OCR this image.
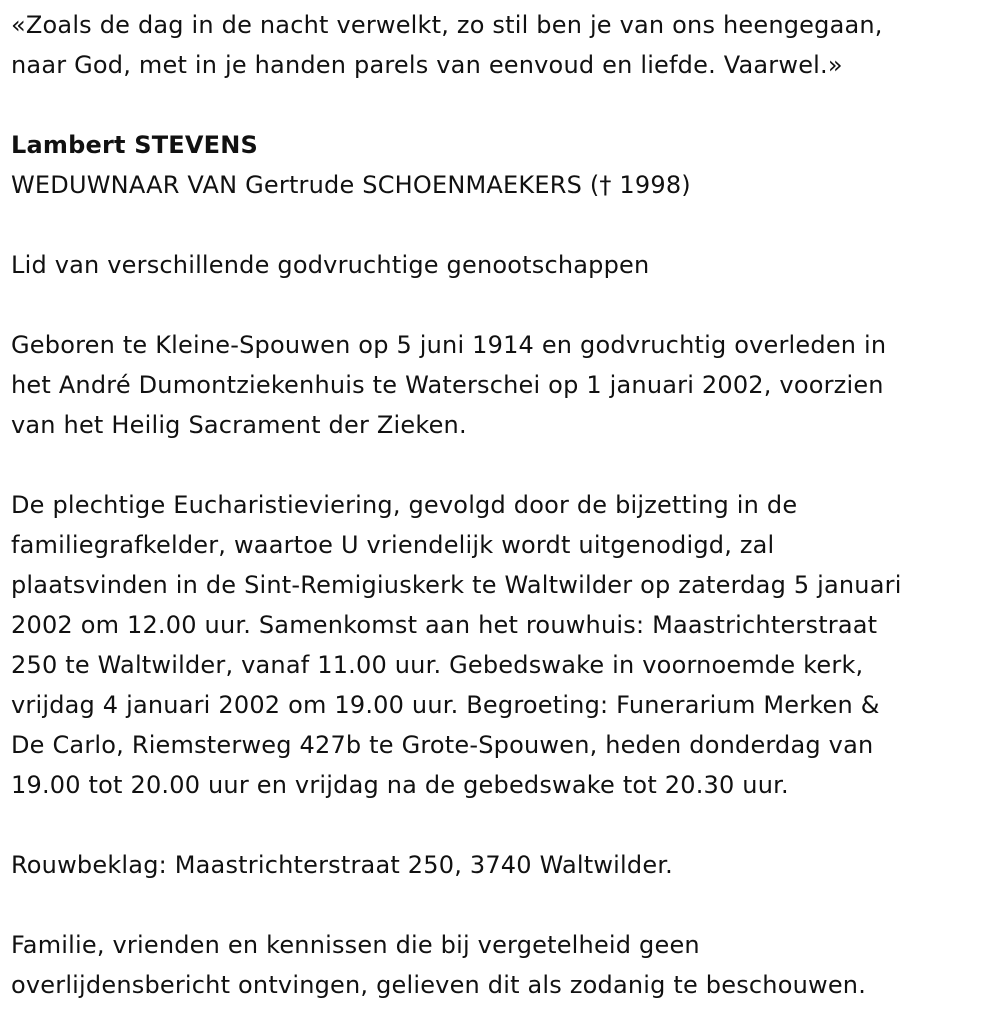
«Zoals de dag in de nacht verwelkt, zo stil ben je van ons heengegaan,

naar God, met in je handen parels van eenvoud en liefde. Vaarwel.»

Lambert STEVENS

WEDUWNAAR VAN Gertrude SCHOENMAEKERS († 1998)

Lid van verschillende godvruchtige genootschappen

Geboren te Kleine-Spouwen op 5 juni 1914 en godvruchtig overleden in

het André Dumontziekenhuis te Waterschei op 1 januari 2002, voorzien

van het Heilig Sacrament der Zieken.

De plechtige Eucharistieviering, gevolgd door de bijzetting in de

familiegrafkelder, waartoe U vriendelijk wordt uitgenodigd, zal

plaatsvinden in de Sint-Remigiuskerk te Waltwilder op zaterdag 5 januari

2002 om 12.00 uur. Samenkomst aan het rouwhuis: Maastrichterstraat

250 te Waltwilder, vanaf 11.00 uur. Gebedswake in voornoemde kerk,

vrijdag 4 januari 2002 om 19.00 uur. Begroeting: Funerarium Merken &

De Carlo, Riemsterweg 427b te Grote-Spouwen, heden donderdag van

19.00 tot 20.00 uur en vrijdag na de gebedswake tot 20.30 uur.

Rouwbeklag: Maastrichterstraat 250, 3740 Waltwilder.

Familie, vrienden en kennissen die bij vergetelheid geen

overlijdensbericht ontvingen, gelieven dit als zodanig te beschouwen.
